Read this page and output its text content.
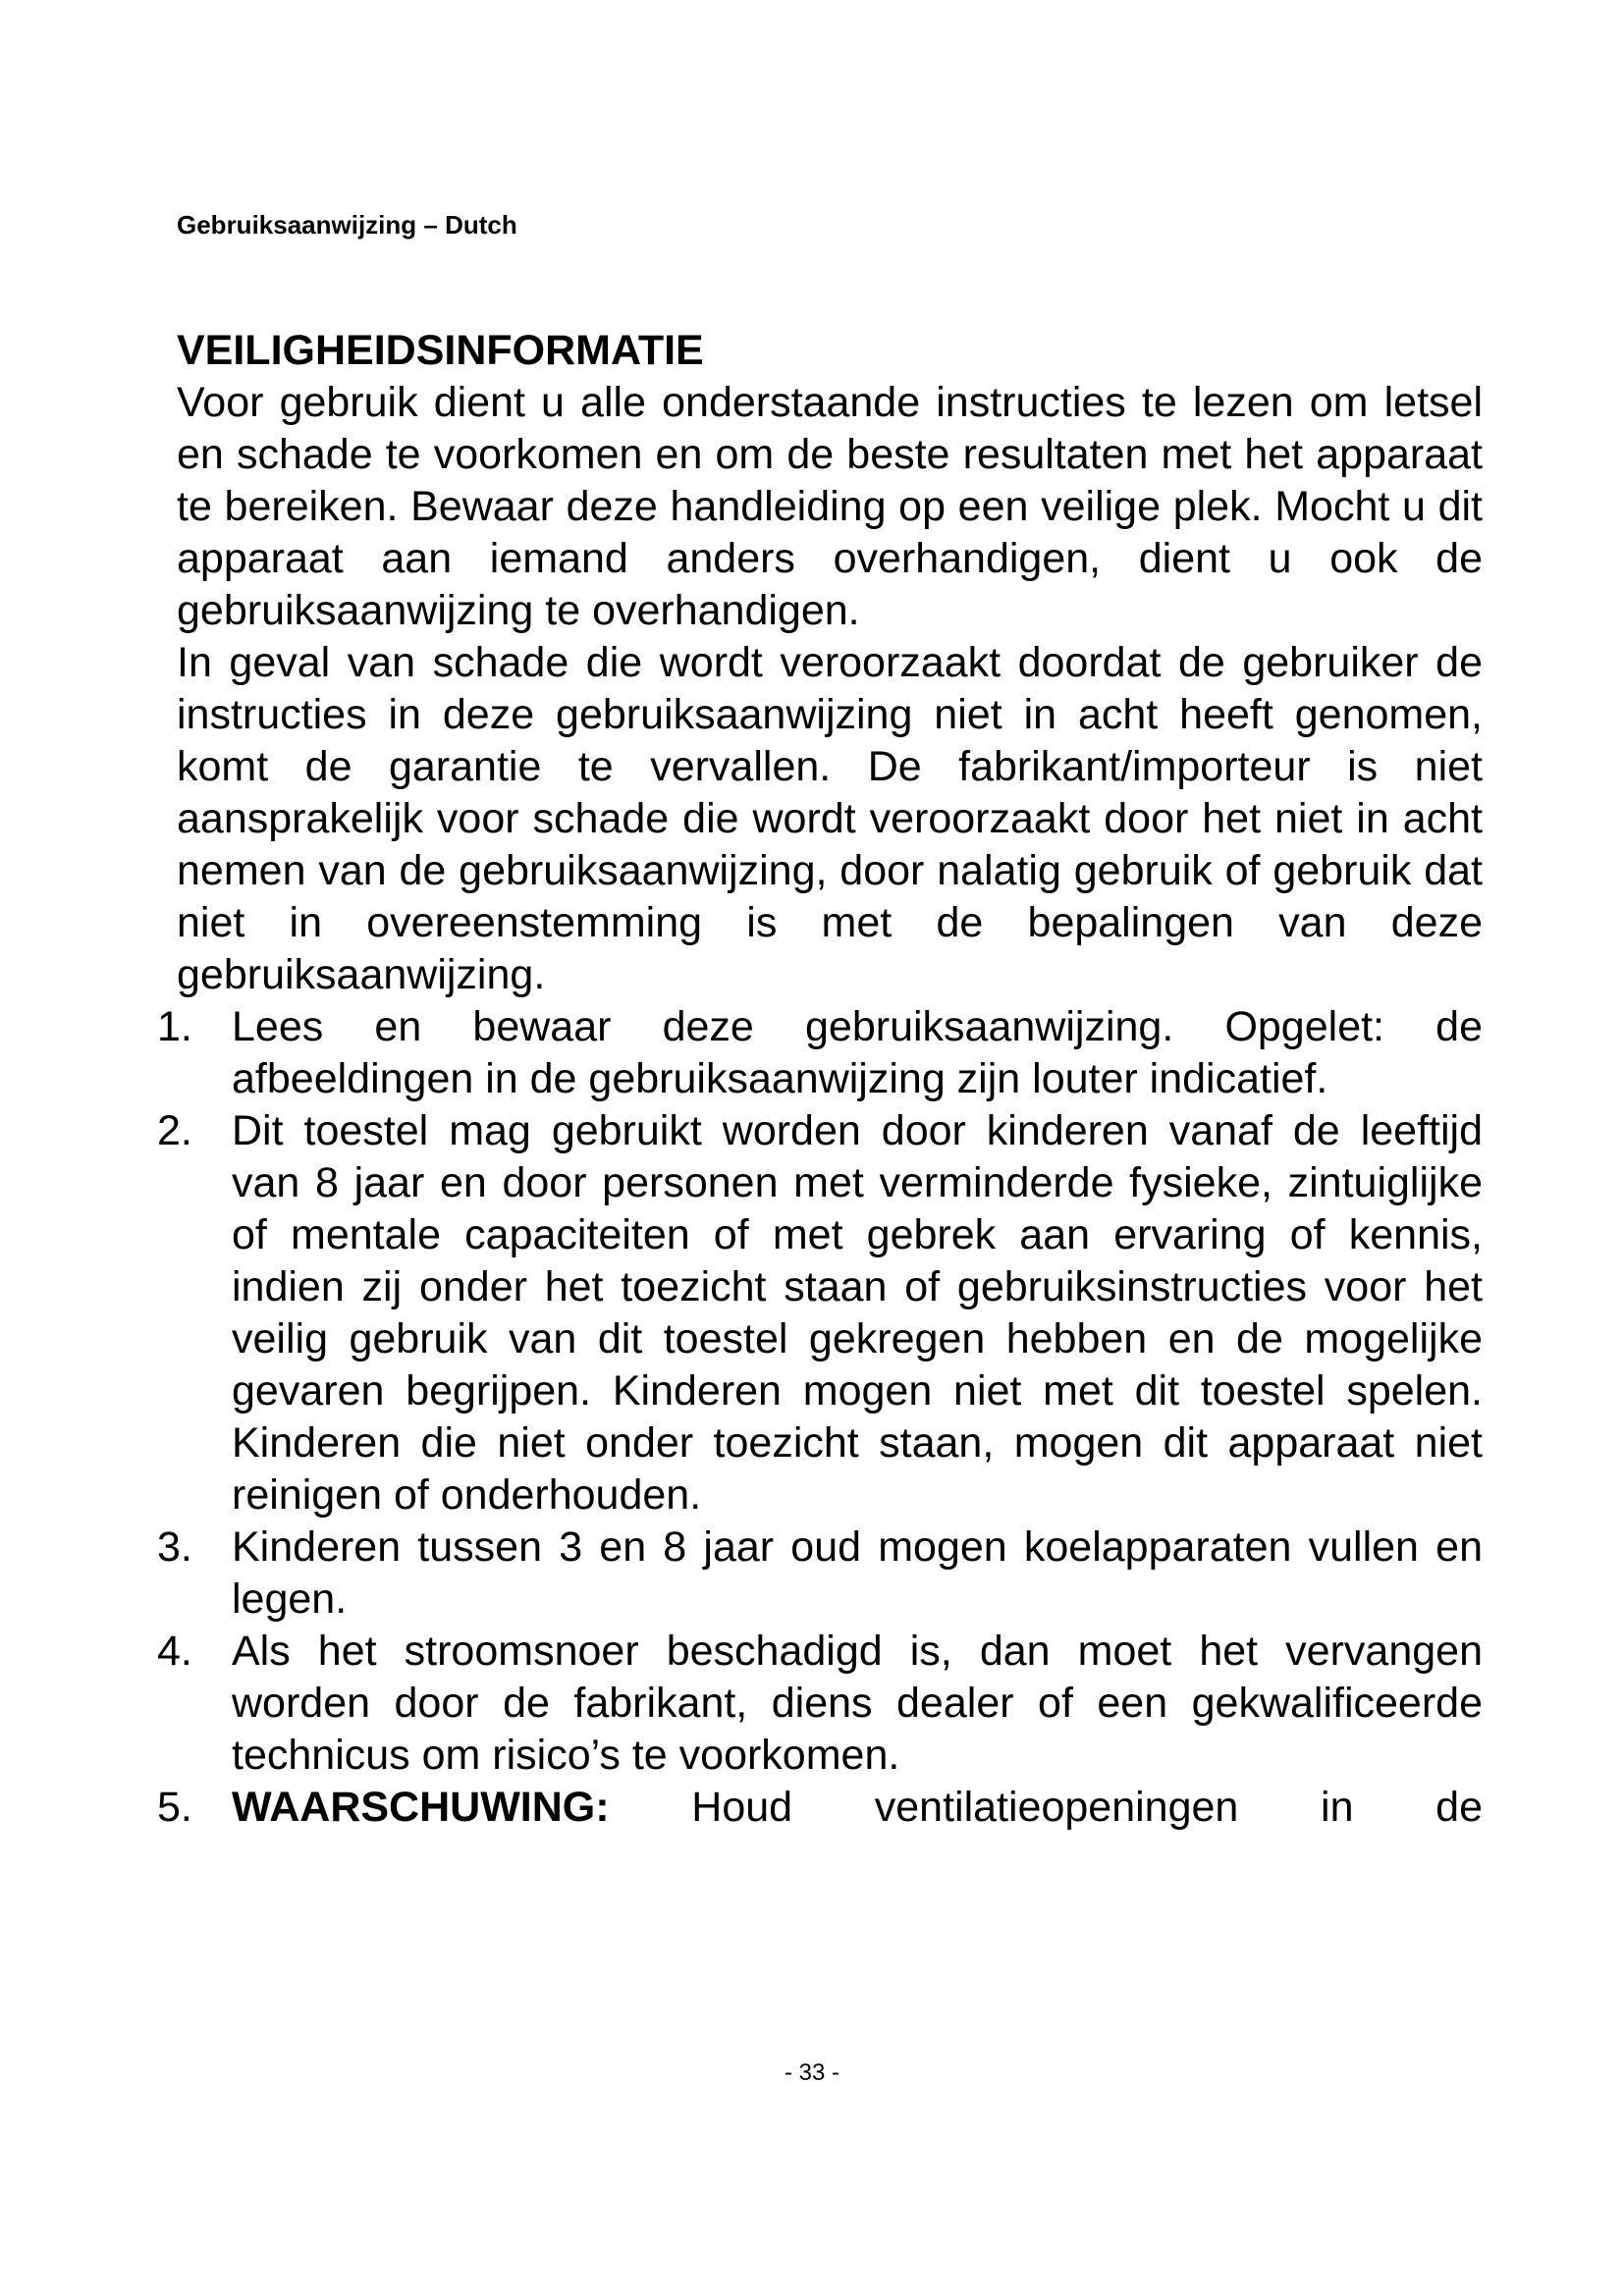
Gebruiksaanwijzing – Dutch
VEILIGHEIDSINFORMATIE

Voor gebruik dient u alle onderstaande instructies te lezen om letsel en schade te voorkomen en om de beste resultaten met het apparaat te bereiken. Bewaar deze handleiding op een veilige plek. Mocht u dit apparaat aan iemand anders overhandigen, dient u ook de gebruiksaanwijzing te overhandigen.

In geval van schade die wordt veroorzaakt doordat de gebruiker de instructies in deze gebruiksaanwijzing niet in acht heeft genomen, komt de garantie te vervallen. De fabrikant/importeur is niet aansprakelijk voor schade die wordt veroorzaakt door het niet in acht nemen van de gebruiksaanwijzing, door nalatig gebruik of gebruik dat niet in overeenstemming is met de bepalingen van deze gebruiksaanwijzing.

1. Lees en bewaar deze gebruiksaanwijzing. Opgelet: de afbeeldingen in de gebruiksaanwijzing zijn louter indicatief.
2. Dit toestel mag gebruikt worden door kinderen vanaf de leeftijd van 8 jaar en door personen met verminderde fysieke, zintuiglijke of mentale capaciteiten of met gebrek aan ervaring of kennis, indien zij onder het toezicht staan of gebruiksinstructies voor het veilig gebruik van dit toestel gekregen hebben en de mogelijke gevaren begrijpen. Kinderen mogen niet met dit toestel spelen. Kinderen die niet onder toezicht staan, mogen dit apparaat niet reinigen of onderhouden.
3. Kinderen tussen 3 en 8 jaar oud mogen koelapparaten vullen en legen.
4. Als het stroomsnoer beschadigd is, dan moet het vervangen worden door de fabrikant, diens dealer of een gekwalificeerde technicus om risico’s te voorkomen.
5. WAARSCHUWING: Houd ventilatieopeningen in de
- 33 -
